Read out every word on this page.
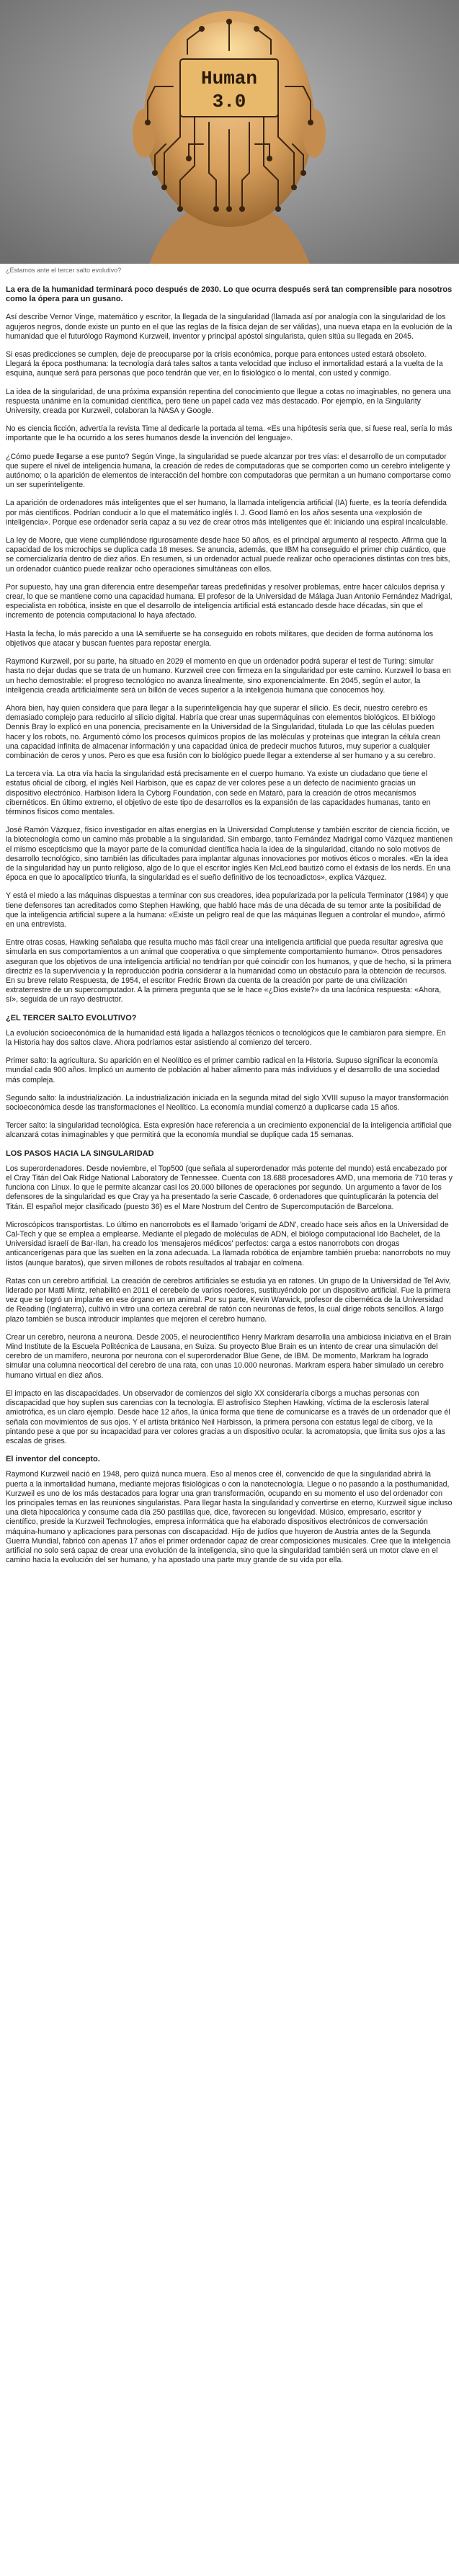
Human
3.0
¿Estamos ante el tercer salto evolutivo?

La era de la humanidad terminará poco después de 2030. Lo que ocurra después será tan comprensible para nosotros como la ópera para un gusano.

Así describe Vernor Vinge, matemático y escritor, la llegada de la singularidad (llamada así por analogía con la singularidad de los agujeros negros, donde existe un punto en el que las reglas de la física dejan de ser válidas), una nueva etapa en la evolución de la humanidad que el futurólogo Raymond Kurzweil, inventor y principal apóstol singularista, quien sitúa su llegada en 2045.

Si esas predicciones se cumplen, deje de preocuparse por la crisis económica, porque para entonces usted estará obsoleto. Llegará la época posthumana: la tecnología dará tales saltos a tanta velocidad que incluso el inmortalidad estará a la vuelta de la esquina, aunque será para personas que poco tendrán que ver, en lo fisiológico o lo mental, con usted y conmigo.

La idea de la singularidad, de una próxima expansión repentina del conocimiento que llegue a cotas no imaginables, no genera una respuesta unánime en la comunidad científica, pero tiene un papel cada vez más destacado. Por ejemplo, en la Singularity University, creada por Kurzweil, colaboran la NASA y Google.

No es ciencia ficción, advertía la revista Time al dedicarle la portada al tema. «Es una hipótesis seria que, si fuese real, sería lo más importante que le ha ocurrido a los seres humanos desde la invención del lenguaje».

¿Cómo puede llegarse a ese punto? Según Vinge, la singularidad se puede alcanzar por tres vías: el desarrollo de un computador que supere el nivel de inteligencia humana, la creación de redes de computadoras que se comporten como un cerebro inteligente y autónomo; o la aparición de elementos de interacción del hombre con computadoras que permitan a un humano comportarse como un ser superinteligente.

La aparición de ordenadores más inteligentes que el ser humano, la llamada inteligencia artificial (IA) fuerte, es la teoría defendida por más científicos. Podrían conducir a lo que el matemático inglés I. J. Good llamó en los años sesenta una «explosión de inteligencia». Porque ese ordenador sería capaz a su vez de crear otros más inteligentes que él: iniciando una espiral incalculable.

La ley de Moore, que viene cumpliéndose rigurosamente desde hace 50 años, es el principal argumento al respecto. Afirma que la capacidad de los microchips se duplica cada 18 meses. Se anuncia, además, que IBM ha conseguido el primer chip cuántico, que se comercializaría dentro de diez años. En resumen, si un ordenador actual puede realizar ocho operaciones distintas con tres bits, un ordenador cuántico puede realizar ocho operaciones simultáneas con ellos.

Por supuesto, hay una gran diferencia entre desempeñar tareas predefinidas y resolver problemas, entre hacer cálculos deprisa y crear, lo que se mantiene como una capacidad humana. El profesor de la Universidad de Málaga Juan Antonio Fernández Madrigal, especialista en robótica, insiste en que el desarrollo de inteligencia artificial está estancado desde hace décadas, sin que el incremento de potencia computacional lo haya afectado.

Hasta la fecha, lo más parecido a una IA semifuerte se ha conseguido en robots militares, que deciden de forma autónoma los objetivos que atacar y buscan fuentes para repostar energía.

Raymond Kurzweil, por su parte, ha situado en 2029 el momento en que un ordenador podrá superar el test de Turing: simular hasta no dejar dudas que se trata de un humano. Kurzweil cree con firmeza en la singularidad por este camino. Kurzweil lo basa en un hecho demostrable: el progreso tecnológico no avanza linealmente, sino exponencialmente. En 2045, según el autor, la inteligencia creada artificialmente será un billón de veces superior a la inteligencia humana que conocemos hoy.

Ahora bien, hay quien considera que para llegar a la superinteligencia hay que superar el silicio. Es decir, nuestro cerebro es demasiado complejo para reducirlo al silicio digital. Habría que crear unas supermáquinas con elementos biológicos. El biólogo Dennis Bray lo explicó en una ponencia, precisamente en la Universidad de la Singularidad, titulada Lo que las células pueden hacer y los robots, no. Argumentó cómo los procesos químicos propios de las moléculas y proteínas que integran la célula crean una capacidad infinita de almacenar información y una capacidad única de predecir muchos futuros, muy superior a cualquier combinación de ceros y unos. Pero es que esa fusión con lo biológico puede llegar a extenderse al ser humano y a su cerebro.

La tercera vía. La otra vía hacia la singularidad está precisamente en el cuerpo humano. Ya existe un ciudadano que tiene el estatus oficial de cíborg, el inglés Neil Harbison, que es capaz de ver colores pese a un defecto de nacimiento gracias un dispositivo electrónico. Harbison lidera la Cyborg Foundation, con sede en Mataró, para la creación de otros mecanismos cibernéticos. En último extremo, el objetivo de este tipo de desarrollos es la expansión de las capacidades humanas, tanto en términos físicos como mentales.

José Ramón Vázquez, físico investigador en altas energías en la Universidad Complutense y también escritor de ciencia ficción, ve la biotecnología como un camino más probable a la singularidad. Sin embargo, tanto Fernández Madrigal como Vázquez mantienen el mismo escepticismo que la mayor parte de la comunidad científica hacia la idea de la singularidad, citando no solo motivos de desarrollo tecnológico, sino también las dificultades para implantar algunas innovaciones por motivos éticos o morales. «En la idea de la singularidad hay un punto religioso, algo de lo que el escritor inglés Ken McLeod bautizó como el éxtasis de los nerds. En una época en que lo apocalíptico triunfa, la singularidad es el sueño definitivo de los tecnoadictos», explica Vázquez.

Y está el miedo a las máquinas dispuestas a terminar con sus creadores, idea popularizada por la película Terminator (1984) y que tiene defensores tan acreditados como Stephen Hawking, que habló hace más de una década de su temor ante la posibilidad de que la inteligencia artificial supere a la humana: «Existe un peligro real de que las máquinas lleguen a controlar el mundo», afirmó en una entrevista.

Entre otras cosas, Hawking señalaba que resulta mucho más fácil crear una inteligencia artificial que pueda resultar agresiva que simularla en sus comportamientos a un animal que cooperativa o que simplemente comportamiento humano». Otros pensadores aseguran que los objetivos de una inteligencia artificial no tendrían por qué coincidir con los humanos, y que de hecho, si la primera directriz es la supervivencia y la reproducción podría considerar a la humanidad como un obstáculo para la obtención de recursos. En su breve relato Respuesta, de 1954, el escritor Fredric Brown da cuenta de la creación por parte de una civilización extraterrestre de un supercomputador. A la primera pregunta que se le hace «¿Dios existe?» da una lacónica respuesta: «Ahora, sí», seguida de un rayo destructor.

¿EL TERCER SALTO EVOLUTIVO?

La evolución socioeconómica de la humanidad está ligada a hallazgos técnicos o tecnológicos que le cambiaron para siempre. En la Historia hay dos saltos clave. Ahora podríamos estar asistiendo al comienzo del tercero.

Primer salto: la agricultura. Su aparición en el Neolítico es el primer cambio radical en la Historia. Supuso significar la economía mundial cada 900 años. Implicó un aumento de población al haber alimento para más individuos y el desarrollo de una sociedad más compleja.

Segundo salto: la industrialización. La industrialización iniciada en la segunda mitad del siglo XVIII supuso la mayor transformación socioeconómica desde las transformaciones el Neolítico. La economía mundial comenzó a duplicarse cada 15 años.

Tercer salto: la singularidad tecnológica. Esta expresión hace referencia a un crecimiento exponencial de la inteligencia artificial que alcanzará cotas inimaginables y que permitirá que la economía mundial se duplique cada 15 semanas.

LOS PASOS HACIA LA SINGULARIDAD

Los superordenadores. Desde noviembre, el Top500 (que señala al superordenador más potente del mundo) está encabezado por el Cray Titán del Oak Ridge National Laboratory de Tennessee. Cuenta con 18.688 procesadores AMD, una memoria de 710 teras y funciona con Linux. lo que le permite alcanzar casi los 20.000 billones de operaciones por segundo. Un argumento a favor de los defensores de la singularidad es que Cray ya ha presentado la serie Cascade, 6 ordenadores que quintuplicarán la potencia del Titán. El español mejor clasificado (puesto 36) es el Mare Nostrum del Centro de Supercomputación de Barcelona.

Microscópicos transportistas. Lo último en nanorrobots es el llamado 'origami de ADN', creado hace seis años en la Universidad de Cal-Tech y que se emplea a emplearse. Mediante el plegado de moléculas de ADN, el biólogo computacional Ido Bachelet, de la Universidad israelí de Bar-Ilan, ha creado los 'mensajeros médicos' perfectos: carga a estos nanorrobots con drogas anticancerígenas para que las suelten en la zona adecuada. La llamada robótica de enjambre también prueba: nanorrobots no muy listos (aunque baratos), que sirven millones de robots resultados al trabajar en colmena.

Ratas con un cerebro artificial. La creación de cerebros artificiales se estudia ya en ratones. Un grupo de la Universidad de Tel Aviv, liderado por Matti Mintz, rehabilitó en 2011 el cerebelo de varios roedores, sustituyéndolo por un dispositivo artificial. Fue la primera vez que se logró un implante en ese órgano en un animal. Por su parte, Kevin Warwick, profesor de cibernética de la Universidad de Reading (Inglaterra), cultivó in vitro una corteza cerebral de ratón con neuronas de fetos, la cual dirige robots sencillos. A largo plazo también se busca introducir implantes que mejoren el cerebro humano.

Crear un cerebro, neurona a neurona. Desde 2005, el neurocientífico Henry Markram desarrolla una ambiciosa iniciativa en el Brain Mind Institute de la Escuela Politécnica de Lausana, en Suiza. Su proyecto Blue Brain es un intento de crear una simulación del cerebro de un mamífero, neurona por neurona con el superordenador Blue Gene, de IBM. De momento, Markram ha logrado simular una columna neocortical del cerebro de una rata, con unas 10.000 neuronas. Markram espera haber simulado un cerebro humano virtual en diez años.

El impacto en las discapacidades. Un observador de comienzos del siglo XX consideraría cíborgs a muchas personas con discapacidad que hoy suplen sus carencias con la tecnología. El astrofísico Stephen Hawking, víctima de la esclerosis lateral amiotrófica, es un claro ejemplo. Desde hace 12 años, la única forma que tiene de comunicarse es a través de un ordenador que él señala con movimientos de sus ojos. Y el artista británico Neil Harbisson, la primera persona con estatus legal de cíborg, ve la pintando pese a que por su incapacidad para ver colores gracias a un dispositivo ocular. la acromatopsia, que limita sus ojos a las escalas de grises.

El inventor del concepto.

Raymond Kurzweil nació en 1948, pero quizá nunca muera. Eso al menos cree él, convencido de que la singularidad abrirá la puerta a la inmortalidad humana, mediante mejoras fisiológicas o con la nanotecnología. Llegue o no pasando a la posthumanidad, Kurzweil es uno de los más destacados para lograr una gran transformación, ocupando en su momento el uso del ordenador con los principales temas en las reuniones singularistas. Para llegar hasta la singularidad y convertirse en eterno, Kurzweil sigue incluso una dieta hipocalórica y consume cada día 250 pastillas que, dice, favorecen su longevidad. Músico, empresario, escritor y científico, preside la Kurzweil Technologies, empresa informática que ha elaborado dispositivos electrónicos de conversación máquina-humano y aplicaciones para personas con discapacidad. Hijo de judíos que huyeron de Austria antes de la Segunda Guerra Mundial, fabricó con apenas 17 años el primer ordenador capaz de crear composiciones musicales. Cree que la inteligencia artificial no solo será capaz de crear una evolución de la inteligencia, sino que la singularidad también será un motor clave en el camino hacia la evolución del ser humano, y ha apostado una parte muy grande de su vida por ella.
